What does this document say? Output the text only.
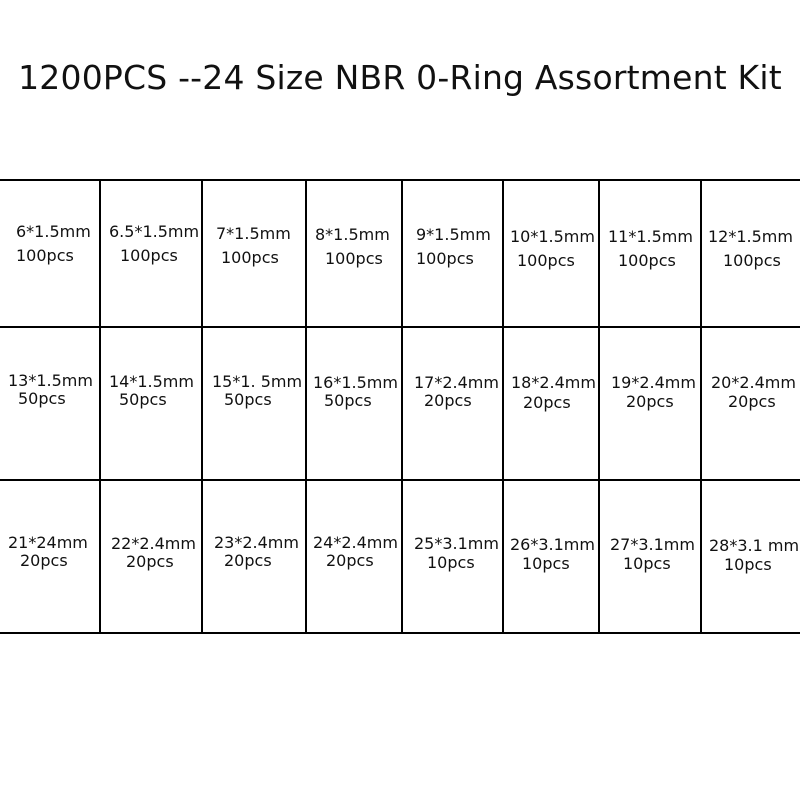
1200PCS --24 Size NBR 0-Ring Assortment Kit
6*1.5mm
100pcs
6.5*1.5mm
100pcs
7*1.5mm
100pcs
8*1.5mm
100pcs
9*1.5mm
100pcs
10*1.5mm
100pcs
11*1.5mm
100pcs
12*1.5mm
100pcs
13*1.5mm
50pcs
14*1.5mm
50pcs
15*1. 5mm
50pcs
16*1.5mm
50pcs
17*2.4mm
20pcs
18*2.4mm
20pcs
19*2.4mm
20pcs
20*2.4mm
20pcs
21*24mm
20pcs
22*2.4mm
20pcs
23*2.4mm
20pcs
24*2.4mm
20pcs
25*3.1mm
10pcs
26*3.1mm
10pcs
27*3.1mm
10pcs
28*3.1 mm
10pcs
